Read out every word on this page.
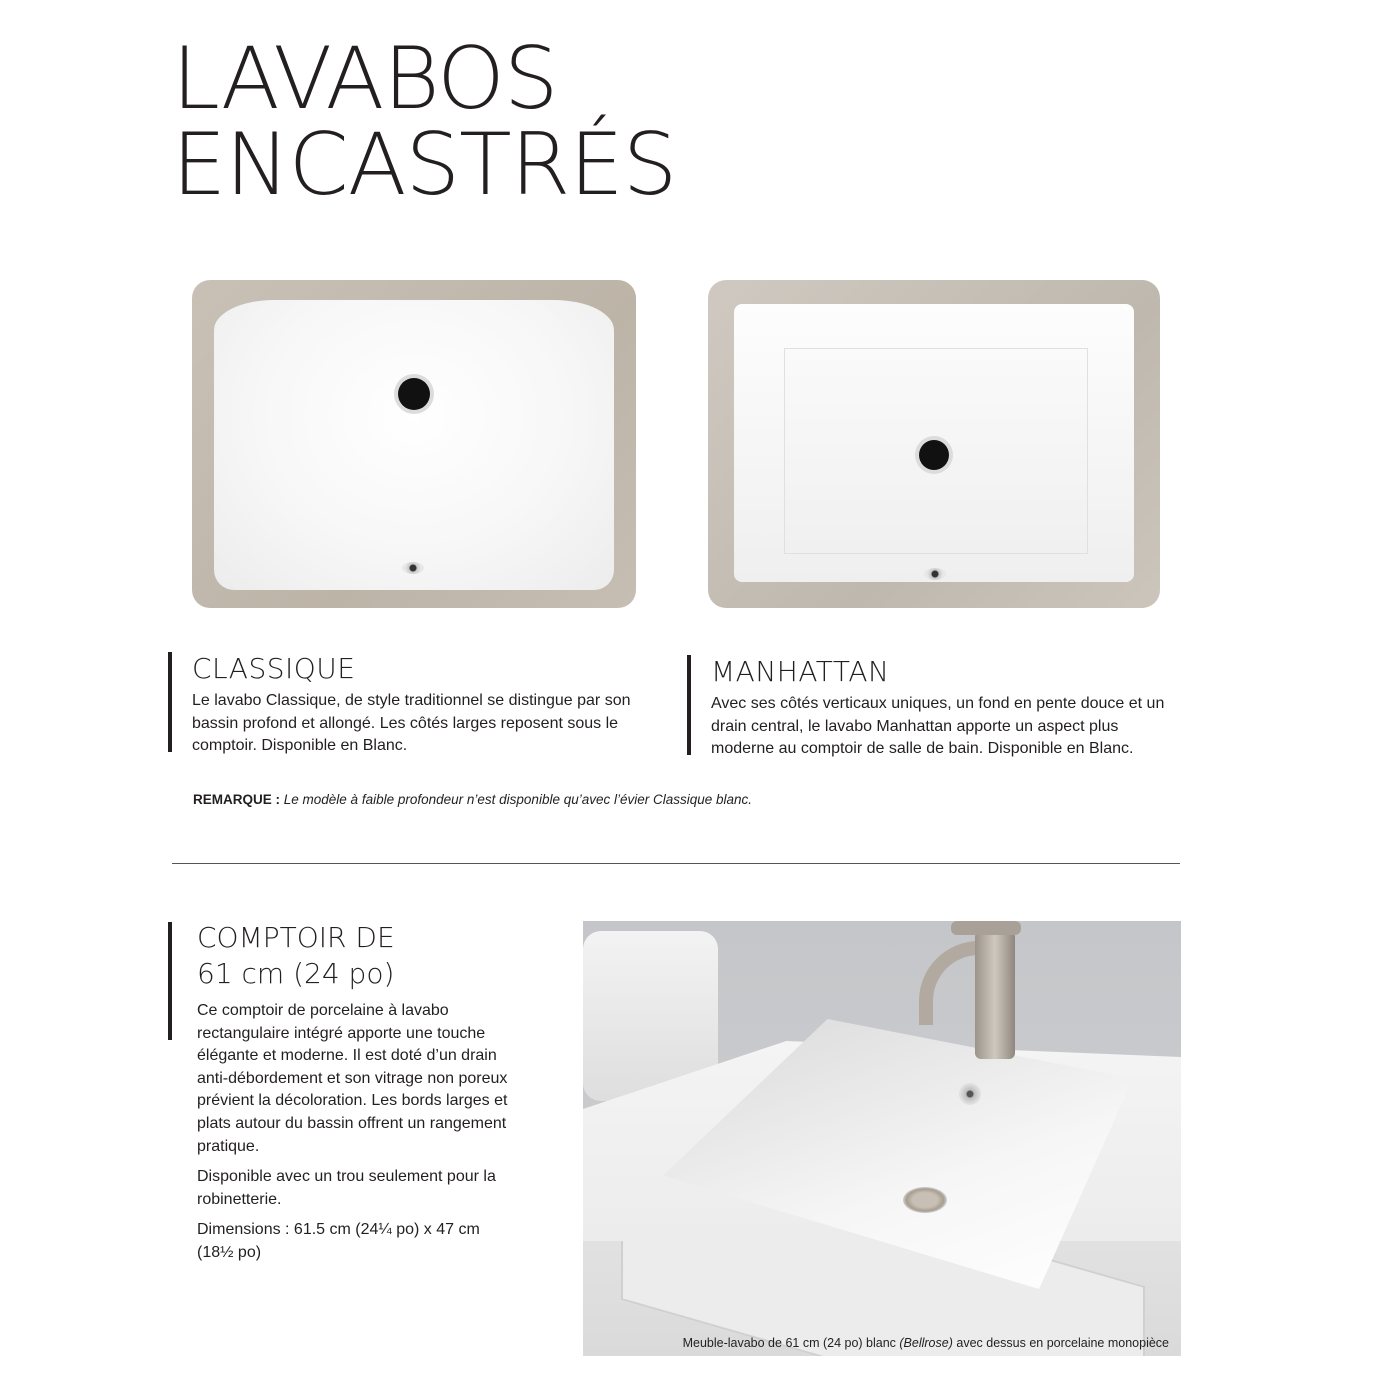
LAVABOS
ENCASTRÉS
CLASSIQUE

Le lavabo Classique, de style traditionnel se distingue par son bassin profond et allongé. Les côtés larges reposent sous le comptoir. Disponible en Blanc.

MANHATTAN

Avec ses côtés verticaux uniques, un fond en pente douce et un drain central, le lavabo Manhattan apporte un aspect plus moderne au comptoir de salle de bain. Disponible en Blanc.

REMARQUE : Le modèle à faible profondeur n’est disponible qu’avec l’évier Classique blanc.
COMPTOIR DE
61 cm (24 po)

Ce comptoir de porcelaine à lavabo rectangulaire intégré apporte une touche élégante et moderne. Il est doté d’un drain anti-débordement et son vitrage non poreux prévient la décoloration. Les bords larges et plats autour du bassin offrent un rangement pratique.

Disponible avec un trou seulement pour la robinetterie.

Dimensions : 61.5 cm (24¼ po) x 47 cm (18½ po)

Meuble-lavabo de 61 cm (24 po) blanc (Bellrose) avec dessus en porcelaine monopièce
